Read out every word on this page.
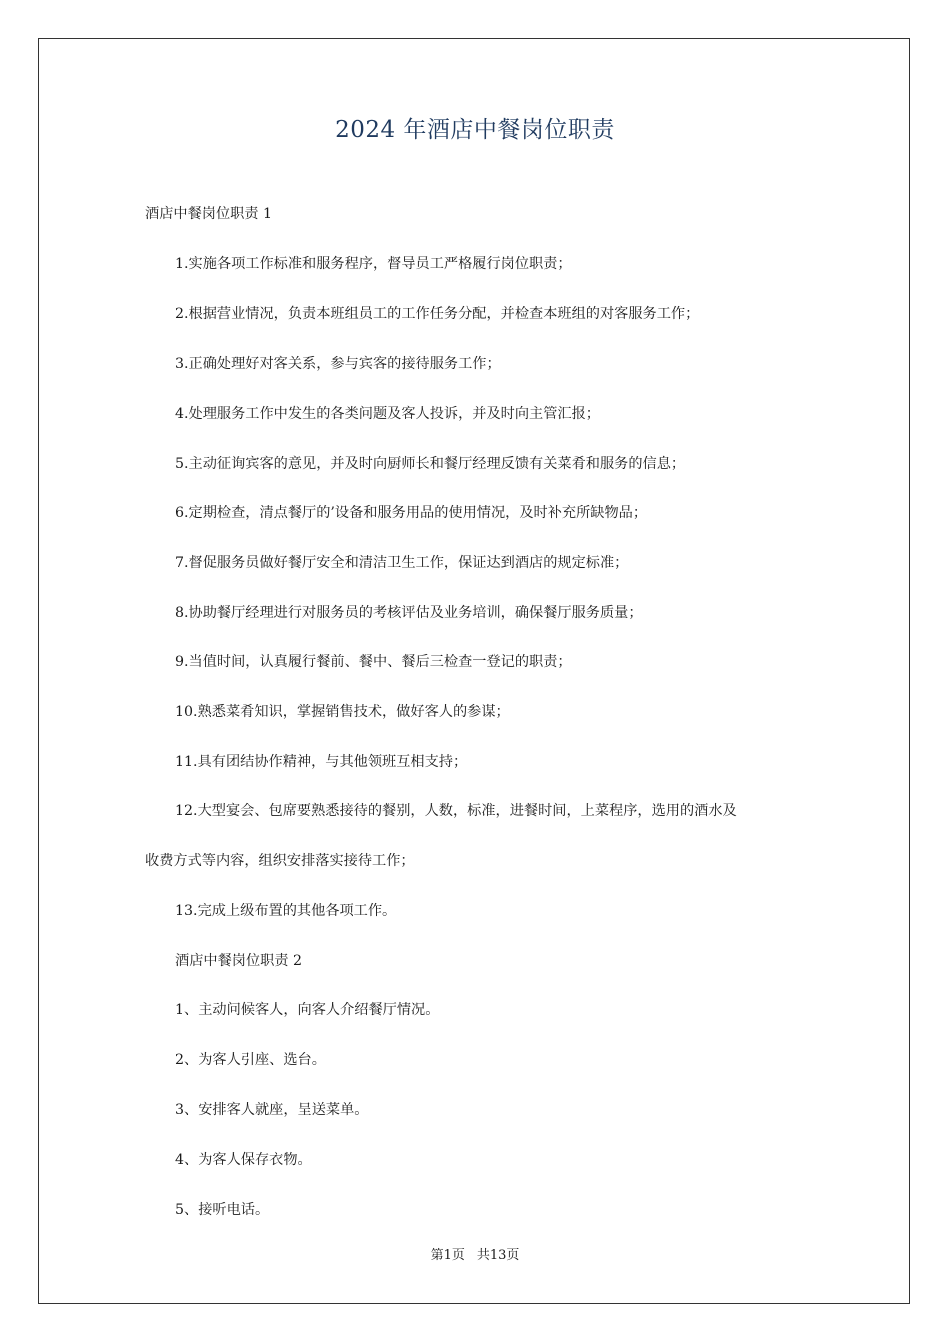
2024 年酒店中餐岗位职责
酒店中餐岗位职责 1
1.实施各项工作标准和服务程序，督导员工严格履行岗位职责；
2.根据营业情况，负责本班组员工的工作任务分配，并检查本班组的对客服务工作；
3.正确处理好对客关系，参与宾客的接待服务工作；
4.处理服务工作中发生的各类问题及客人投诉，并及时向主管汇报；
5.主动征询宾客的意见，并及时向厨师长和餐厅经理反馈有关菜肴和服务的信息；
6.定期检查，清点餐厅的’设备和服务用品的使用情况，及时补充所缺物品；
7.督促服务员做好餐厅安全和清洁卫生工作，保证达到酒店的规定标准；
8.协助餐厅经理进行对服务员的考核评估及业务培训，确保餐厅服务质量；
9.当值时间，认真履行餐前、餐中、餐后三检查一登记的职责；
10.熟悉菜肴知识，掌握销售技术，做好客人的参谋；
11.具有团结协作精神，与其他领班互相支持；
12.大型宴会、包席要熟悉接待的餐别，人数，标准，进餐时间，上菜程序，选用的酒水及
收费方式等内容，组织安排落实接待工作；
13.完成上级布置的其他各项工作。
酒店中餐岗位职责 2
1、主动问候客人，向客人介绍餐厅情况。
2、为客人引座、选台。
3、安排客人就座，呈送菜单。
4、为客人保存衣物。
5、接听电话。
第1页 共13页
